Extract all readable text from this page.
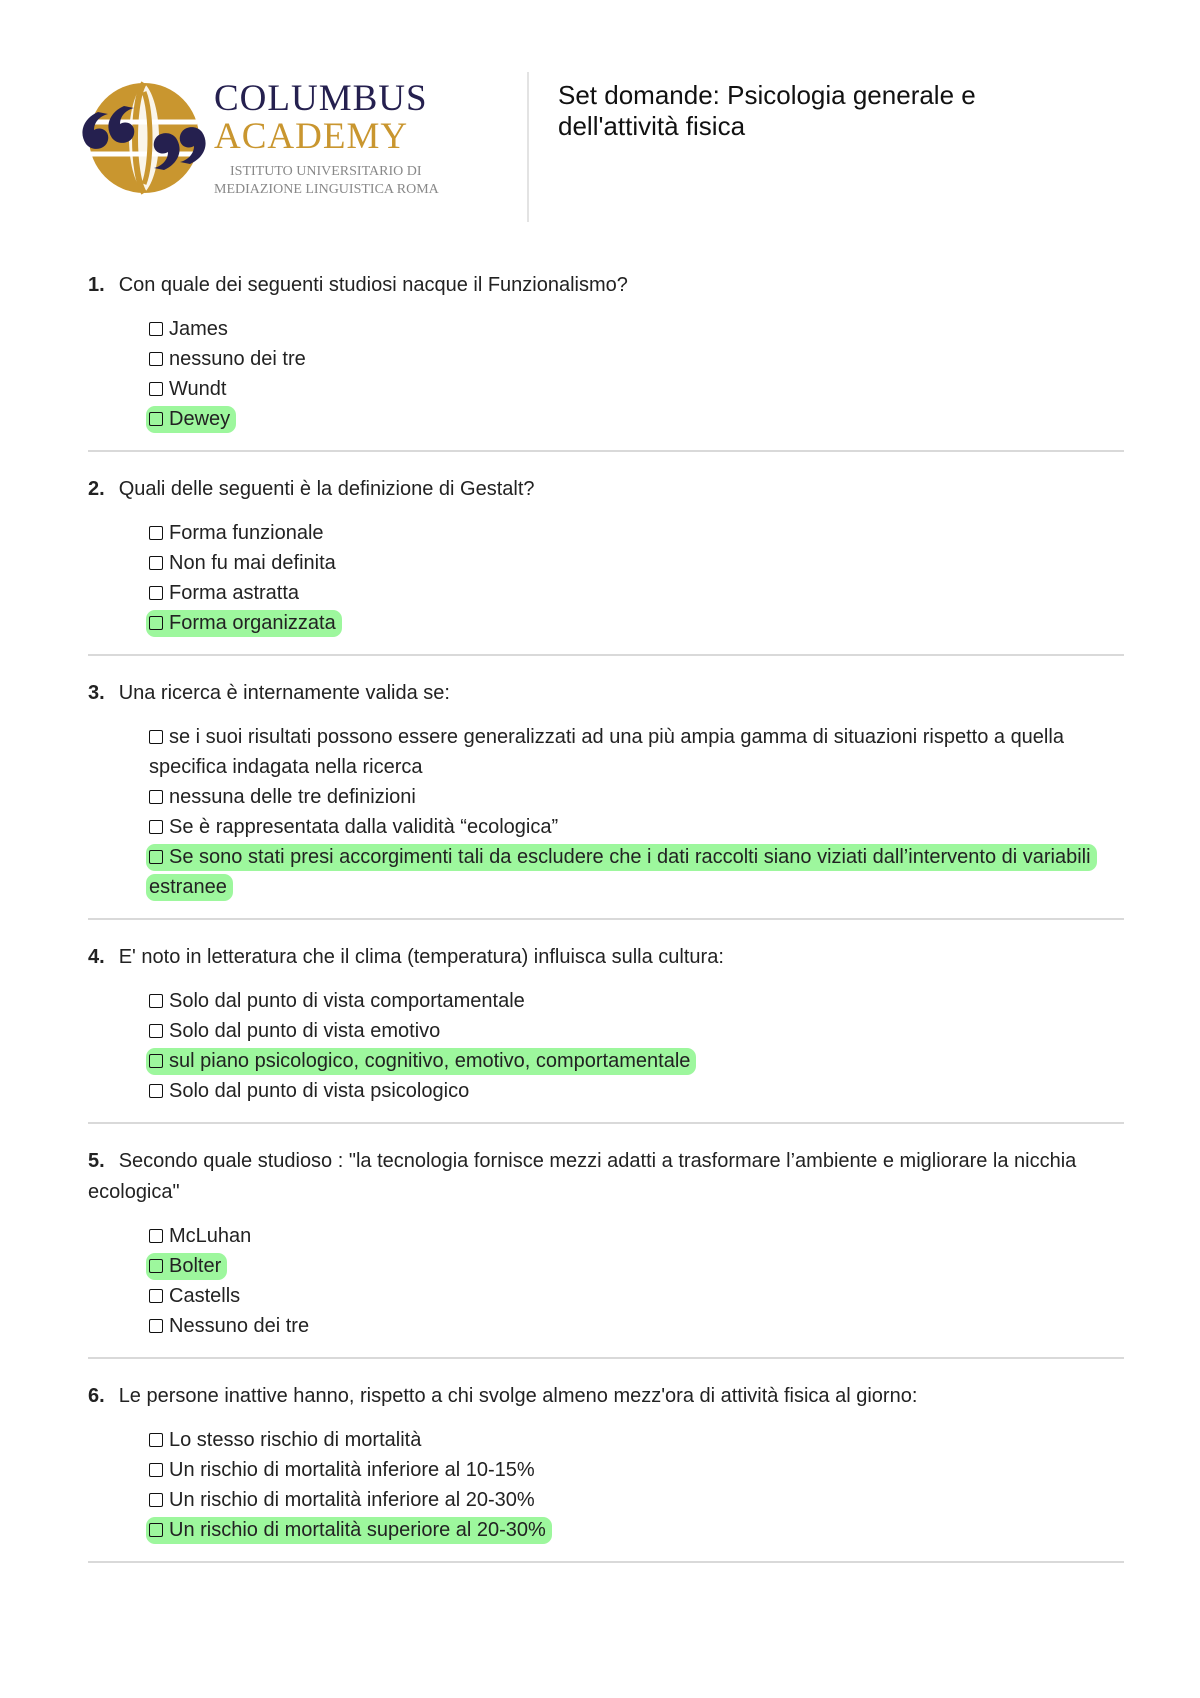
COLUMBUS
ACADEMY
ISTITUTO UNIVERSITARIO DI
MEDIAZIONE LINGUISTICA ROMA
Set domande: Psicologia generale e dell'attività fisica
1. Con quale dei seguenti studiosi nacque il Funzionalismo?
James
nessuno dei tre
Wundt
Dewey
2. Quali delle seguenti è la definizione di Gestalt?
Forma funzionale
Non fu mai definita
Forma astratta
Forma organizzata
3. Una ricerca è internamente valida se:
se i suoi risultati possono essere generalizzati ad una più ampia gamma di situazioni rispetto a quella specifica indagata nella ricerca
nessuna delle tre definizioni
Se è rappresentata dalla validità “ecologica”
Se sono stati presi accorgimenti tali da escludere che i dati raccolti siano viziati dall’intervento di variabili estranee
4. E' noto in letteratura che il clima (temperatura) influisca sulla cultura:
Solo dal punto di vista comportamentale
Solo dal punto di vista emotivo
sul piano psicologico, cognitivo, emotivo, comportamentale
Solo dal punto di vista psicologico
5. Secondo quale studioso : "la tecnologia fornisce mezzi adatti a trasformare l’ambiente e migliorare la nicchia ecologica"
McLuhan
Bolter
Castells
Nessuno dei tre
6. Le persone inattive hanno, rispetto a chi svolge almeno mezz'ora di attività fisica al giorno:
Lo stesso rischio di mortalità
Un rischio di mortalità inferiore al 10-15%
Un rischio di mortalità inferiore al 20-30%
Un rischio di mortalità superiore al 20-30%
